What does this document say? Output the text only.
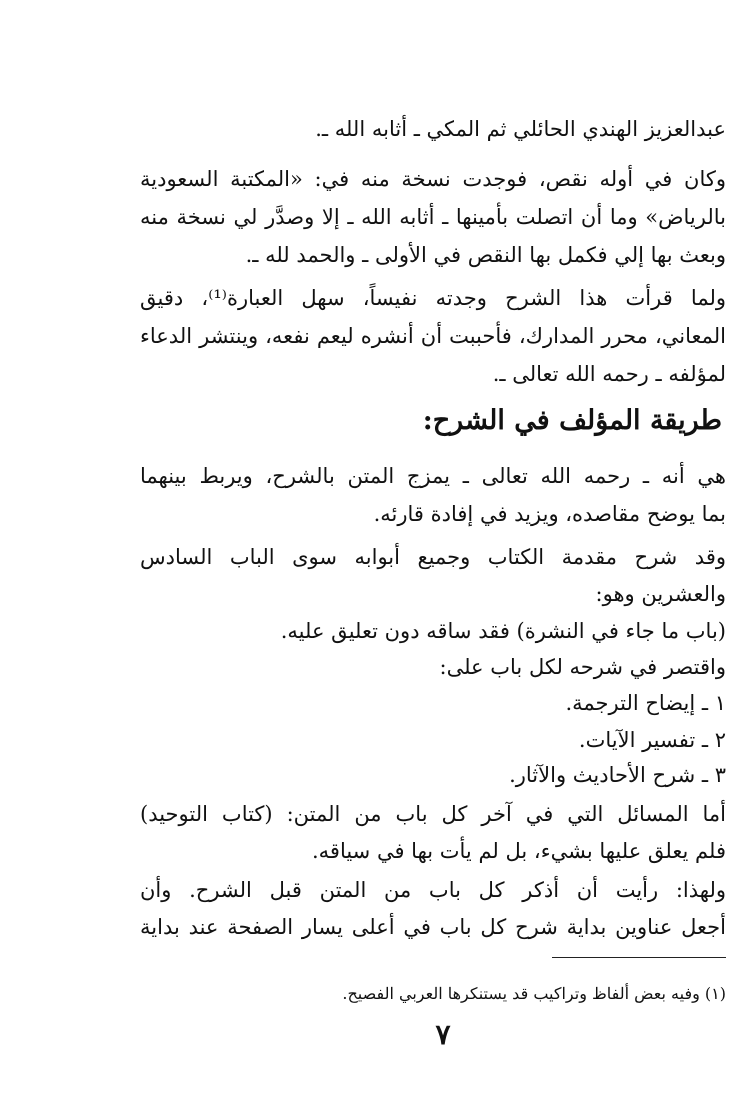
عبدالعزيز الهندي الحائلي ثم المكي ـ أثابه الله ـ.
وكان في أوله نقص، فوجدت نسخة منه في: «المكتبة السعودية
بالرياض» وما أن اتصلت بأمينها ـ أثابه الله ـ إلا وصدَّر لي نسخة منه
وبعث بها إلي فكمل بها النقص في الأولى ـ والحمد لله ـ.
ولما قرأت هذا الشرح وجدته نفيساً، سهل العبارة⁽¹⁾، دقيق
المعاني، محرر المدارك، فأحببت أن أنشره ليعم نفعه، وينتشر الدعاء
لمؤلفه ـ رحمه الله تعالى ـ.
طريقة المؤلف في الشرح:
هي أنه ـ رحمه الله تعالى ـ يمزج المتن بالشرح، ويربط بينهما
بما يوضح مقاصده، ويزيد في إفادة قارئه.
وقد شرح مقدمة الكتاب وجميع أبوابه سوى الباب السادس
والعشرين وهو:
(باب ما جاء في النشرة) فقد ساقه دون تعليق عليه.
واقتصر في شرحه لكل باب على:
١ ـ إيضاح الترجمة.
٢ ـ تفسير الآيات.
٣ ـ شرح الأحاديث والآثار.
أما المسائل التي في آخر كل باب من المتن: (كتاب التوحيد)
فلم يعلق عليها بشيء، بل لم يأت بها في سياقه.
ولهذا: رأيت أن أذكر كل باب من المتن قبل الشرح. وأن
أجعل عناوين بداية شرح كل باب في أعلى يسار الصفحة عند بداية
(١) وفيه بعض ألفاظ وتراكيب قد يستنكرها العربي الفصيح.
٧
